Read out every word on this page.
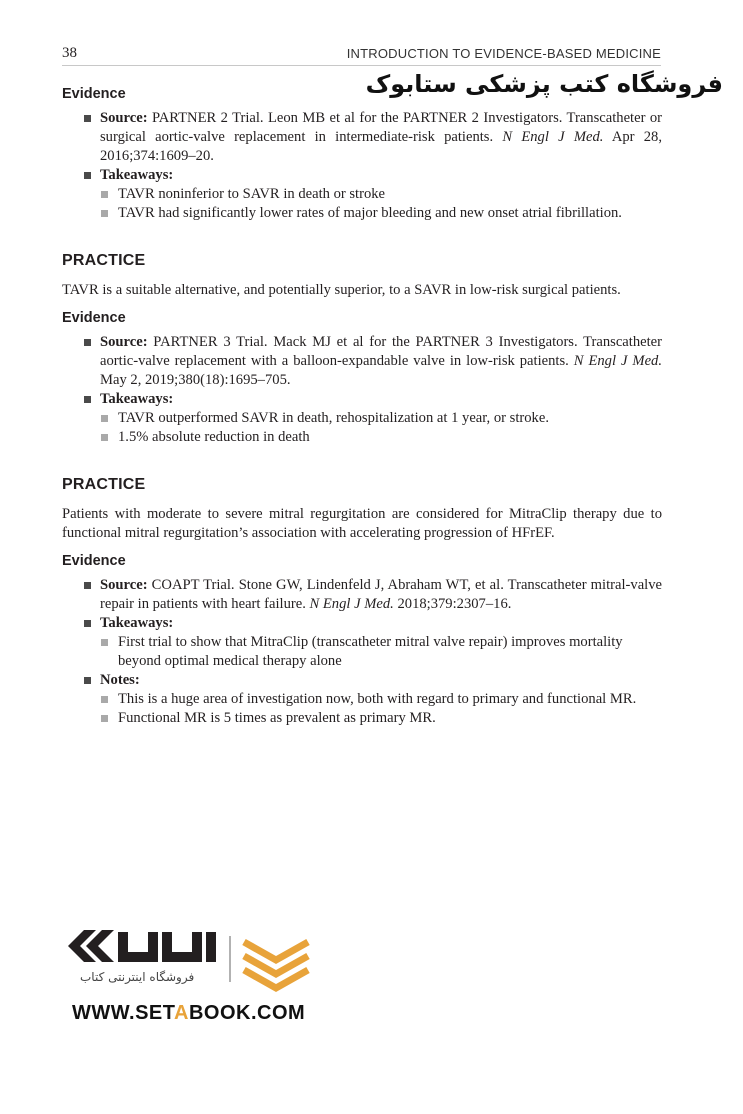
38	INTRODUCTION TO EVIDENCE-BASED MEDICINE
فروشگاه کتب پزشکی ستابوک
Evidence
Source: PARTNER 2 Trial. Leon MB et al for the PARTNER 2 Investigators. Transcatheter or surgical aortic-valve replacement in intermediate-risk patients. N Engl J Med. Apr 28, 2016;374:1609–20.
Takeaways:
TAVR noninferior to SAVR in death or stroke
TAVR had significantly lower rates of major bleeding and new onset atrial fibrillation.
PRACTICE

TAVR is a suitable alternative, and potentially superior, to a SAVR in low-risk surgical patients.

Evidence
Source: PARTNER 3 Trial. Mack MJ et al for the PARTNER 3 Investigators. Transcatheter aortic-valve replacement with a balloon-expandable valve in low-risk patients. N Engl J Med. May 2, 2019;380(18):1695–705.
Takeaways:
TAVR outperformed SAVR in death, rehospitalization at 1 year, or stroke.
1.5% absolute reduction in death
PRACTICE

Patients with moderate to severe mitral regurgitation are considered for MitraClip therapy due to functional mitral regurgitation’s association with accelerating progression of HFrEF.

Evidence
Source: COAPT Trial. Stone GW, Lindenfeld J, Abraham WT, et al. Transcatheter mitral-valve repair in patients with heart failure. N Engl J Med. 2018;379:2307–16.
Takeaways:
First trial to show that MitraClip (transcatheter mitral valve repair) improves mortality beyond optimal medical therapy alone
Notes:
This is a huge area of investigation now, both with regard to primary and functional MR.
Functional MR is 5 times as prevalent as primary MR.
فروشگاه اینترنتی کتاب
WWW.SETABOOK.COM
